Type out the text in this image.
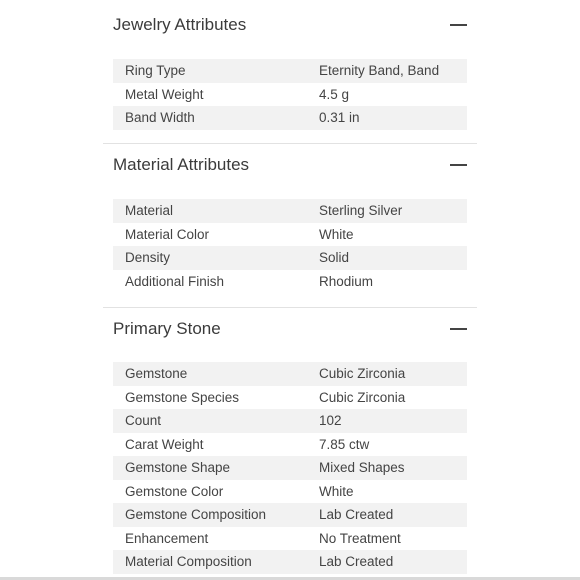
Jewelry Attributes
Ring Type	Eternity Band, Band
Metal Weight	4.5 g
Band Width	0.31 in
Material Attributes
Material	Sterling Silver
Material Color	White
Density	Solid
Additional Finish	Rhodium
Primary Stone
Gemstone	Cubic Zirconia
Gemstone Species	Cubic Zirconia
Count	102
Carat Weight	7.85 ctw
Gemstone Shape	Mixed Shapes
Gemstone Color	White
Gemstone Composition	Lab Created
Enhancement	No Treatment
Material Composition	Lab Created
